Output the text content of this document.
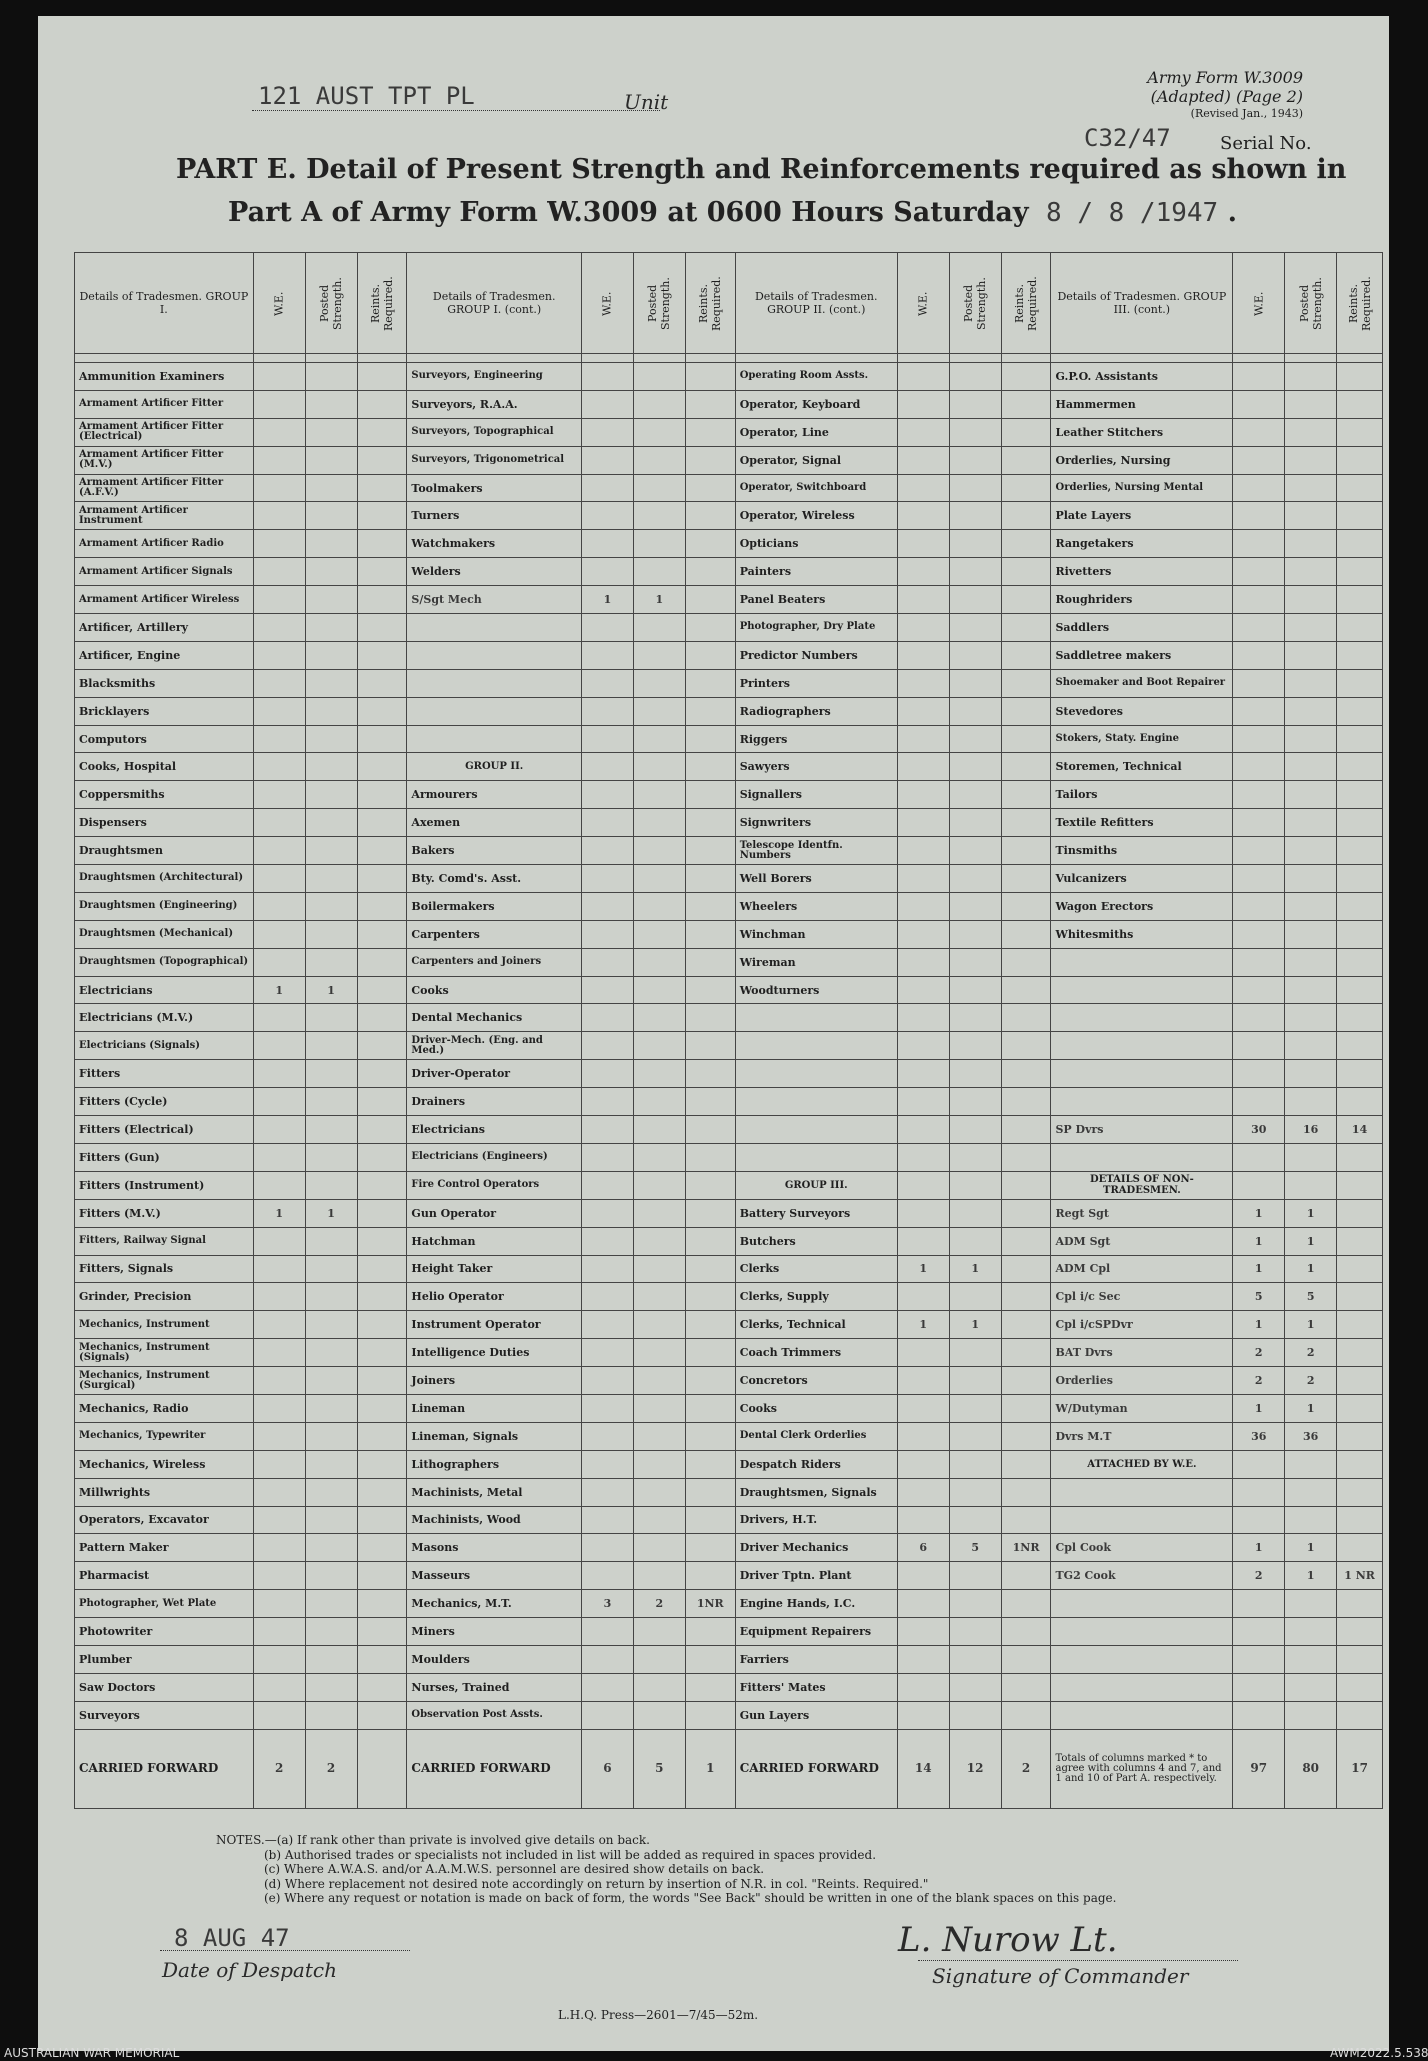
121 AUST TPT PL	Unit
Army Form W.3009
(Adapted) (Page 2)
(Revised Jan., 1943)
C32/47	Serial No.
PART E. Detail of Present Strength and Reinforcements required as shown in
Part A of Army Form W.3009 at 0600 Hours Saturday 8 / 8 /1947 .
Details of Tradesmen. GROUP I.	W.E.	Posted Strength.	Reints. Required.	Details of Tradesmen. GROUP I. (cont.)	W.E.	Posted Strength.	Reints. Required.	Details of Tradesmen. GROUP II. (cont.)	W.E.	Posted Strength.	Reints. Required.	Details of Tradesmen. GROUP III. (cont.)	W.E.	Posted Strength.	Reints. Required.

Ammunition Examiners				Surveyors, Engineering				Operating Room Assts.				G.P.O. Assistants			
Armament Artificer Fitter				Surveyors, R.A.A.				Operator, Keyboard				Hammermen			
Armament Artificer Fitter (Electrical)				Surveyors, Topographical				Operator, Line				Leather Stitchers			
Armament Artificer Fitter (M.V.)				Surveyors, Trigonometrical				Operator, Signal				Orderlies, Nursing			
Armament Artificer Fitter (A.F.V.)				Toolmakers				Operator, Switchboard				Orderlies, Nursing Mental			
Armament Artificer Instrument				Turners				Operator, Wireless				Plate Layers			
Armament Artificer Radio				Watchmakers				Opticians				Rangetakers			
Armament Artificer Signals				Welders				Painters				Rivetters			
Armament Artificer Wireless				S/Sgt Mech	1	1		Panel Beaters				Roughriders			
Artificer, Artillery								Photographer, Dry Plate				Saddlers			
Artificer, Engine								Predictor Numbers				Saddletree makers			
Blacksmiths								Printers				Shoemaker and Boot Repairer			
Bricklayers								Radiographers				Stevedores			
Computors								Riggers				Stokers, Staty. Engine			
Cooks, Hospital				GROUP II.				Sawyers				Storemen, Technical			
Coppersmiths				Armourers				Signallers				Tailors			
Dispensers				Axemen				Signwriters				Textile Refitters			
Draughtsmen				Bakers				Telescope Identfn. Numbers				Tinsmiths			
Draughtsmen (Architectural)				Bty. Comd's. Asst.				Well Borers				Vulcanizers			
Draughtsmen (Engineering)				Boilermakers				Wheelers				Wagon Erectors			
Draughtsmen (Mechanical)				Carpenters				Winchman				Whitesmiths			
Draughtsmen (Topographical)				Carpenters and Joiners				Wireman							
Electricians	1	1		Cooks				Woodturners							
Electricians (M.V.)				Dental Mechanics											
Electricians (Signals)				Driver-Mech. (Eng. and Med.)											
Fitters				Driver-Operator											
Fitters (Cycle)				Drainers											
Fitters (Electrical)				Electricians								SP Dvrs	30	16	14
Fitters (Gun)				Electricians (Engineers)											
Fitters (Instrument)				Fire Control Operators				GROUP III.				DETAILS OF NON-TRADESMEN.			
Fitters (M.V.)	1	1		Gun Operator				Battery Surveyors				Regt Sgt	1	1	
Fitters, Railway Signal				Hatchman				Butchers				ADM Sgt	1	1	
Fitters, Signals				Height Taker				Clerks	1	1		ADM Cpl	1	1	
Grinder, Precision				Helio Operator				Clerks, Supply				Cpl i/c Sec	5	5	
Mechanics, Instrument				Instrument Operator				Clerks, Technical	1	1		Cpl i/cSPDvr	1	1	
Mechanics, Instrument (Signals)				Intelligence Duties				Coach Trimmers				BAT Dvrs	2	2	
Mechanics, Instrument (Surgical)				Joiners				Concretors				Orderlies	2	2	
Mechanics, Radio				Lineman				Cooks				W/Dutyman	1	1	
Mechanics, Typewriter				Lineman, Signals				Dental Clerk Orderlies				Dvrs M.T	36	36	
Mechanics, Wireless				Lithographers				Despatch Riders				ATTACHED BY W.E.			
Millwrights				Machinists, Metal				Draughtsmen, Signals							
Operators, Excavator				Machinists, Wood				Drivers, H.T.							
Pattern Maker				Masons				Driver Mechanics	6	5	1NR	Cpl Cook	1	1	
Pharmacist				Masseurs				Driver Tptn. Plant				TG2 Cook	2	1	1 NR
Photographer, Wet Plate				Mechanics, M.T.	3	2	1NR	Engine Hands, I.C.							
Photowriter				Miners				Equipment Repairers							
Plumber				Moulders				Farriers							
Saw Doctors				Nurses, Trained				Fitters' Mates							
Surveyors				Observation Post Assts.				Gun Layers							
CARRIED FORWARD	2	2		CARRIED FORWARD	6	5	1	CARRIED FORWARD	14	12	2	Totals of columns marked * to agree with columns 4 and 7, and 1 and 10 of Part A. respectively.	97	80	17
NOTES.—(a) If rank other than private is involved give details on back.
(b) Authorised trades or specialists not included in list will be added as required in spaces provided.
(c) Where A.W.A.S. and/or A.A.M.W.S. personnel are desired show details on back.
(d) Where replacement not desired note accordingly on return by insertion of N.R. in col. "Reints. Required."
(e) Where any request or notation is made on back of form, the words "See Back" should be written in one of the blank spaces on this page.
8 AUG 47
Date of Despatch
L. Nurow Lt.
Signature of Commander
L.H.Q. Press—2601—7/45—52m.
AUSTRALIAN WAR MEMORIAL	AWM2022.5.538
